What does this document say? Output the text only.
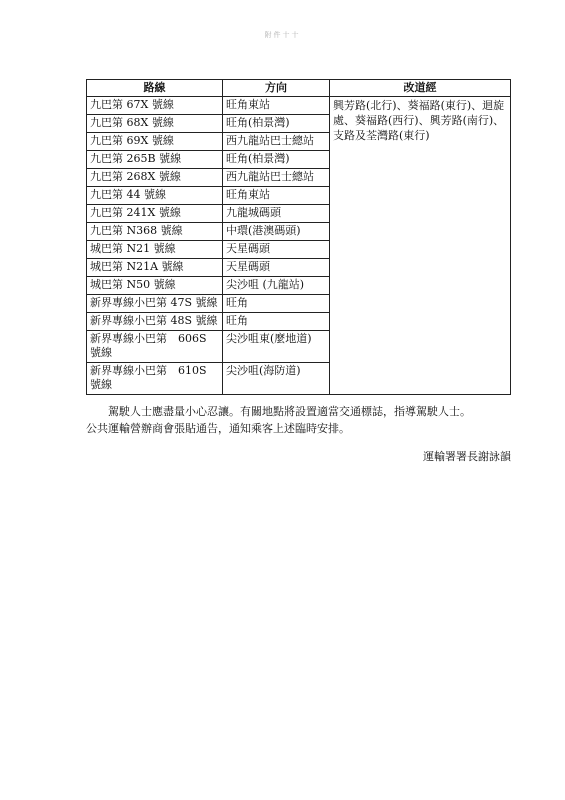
附件十十
路線	方向	改道經
九巴第 67X 號線	旺角東站	興芳路(北行)、葵福路(東行)、迴旋處、葵福路(西行)、興芳路(南行)、支路及荃灣路(東行)
九巴第 68X 號線	旺角(柏景灣)	
九巴第 69X 號線	西九龍站巴士總站	
九巴第 265B 號線	旺角(柏景灣)	
九巴第 268X 號線	西九龍站巴士總站	
九巴第 44 號線	旺角東站	
九巴第 241X 號線	九龍城碼頭	
九巴第 N368 號線	中環(港澳碼頭)	
城巴第 N21 號線	天星碼頭	
城巴第 N21A 號線	天星碼頭	
城巴第 N50 號線	尖沙咀 (九龍站)	
新界專線小巴第 47S 號線	旺角	
新界專線小巴第 48S 號線	旺角	
新界專線小巴第　606S 號線	尖沙咀東(麼地道)	
新界專線小巴第　610S 號線	尖沙咀(海防道)	
駕駛人士應盡量小心忍讓。有關地點將設置適當交通標誌，指導駕駛人士。公共運輸營辦商會張貼通告，通知乘客上述臨時安排。
運輸署署長謝詠韻
